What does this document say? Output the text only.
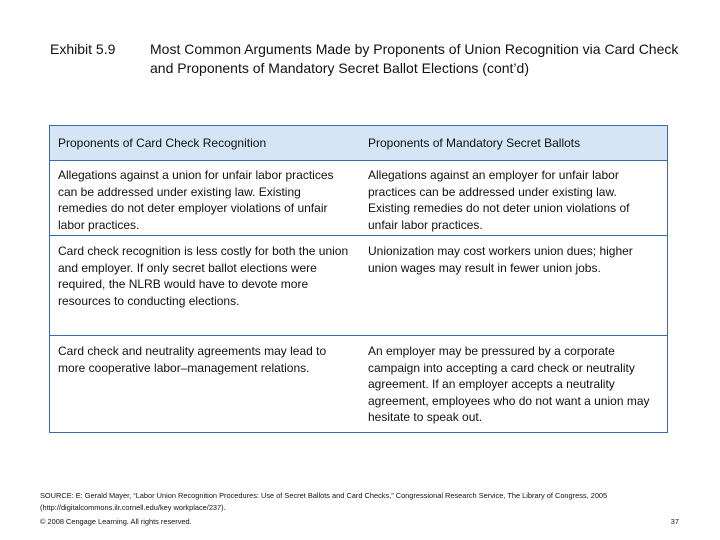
Exhibit 5.9 Most Common Arguments Made by Proponents of Union Recognition via Card Check and Proponents of Mandatory Secret Ballot Elections (cont’d)
Proponents of Card Check Recognition	Proponents of Mandatory Secret Ballots
Allegations against a union for unfair labor practices can be addressed under existing law. Existing remedies do not deter employer violations of unfair labor practices.
Allegations against an employer for unfair labor practices can be addressed under existing law. Existing remedies do not deter union violations of unfair labor practices.
Card check recognition is less costly for both the union and employer. If only secret ballot elections were required, the NLRB would have to devote more resources to conducting elections.
Unionization may cost workers union dues; higher union wages may result in fewer union jobs.
Card check and neutrality agreements may lead to more cooperative labor–management relations.
An employer may be pressured by a corporate campaign into accepting a card check or neutrality agreement. If an employer accepts a neutrality agreement, employees who do not want a union may hesitate to speak out.
SOURCE: E: Gerald Mayer, “Labor Union Recognition Procedures: Use of Secret Ballots and Card Checks,” Congressional Research Service, The Library of Congress, 2005 (http://digitalcommons.ilr.cornell.edu/key workplace/237).
© 2008 Cengage Learning. All rights reserved.	37
